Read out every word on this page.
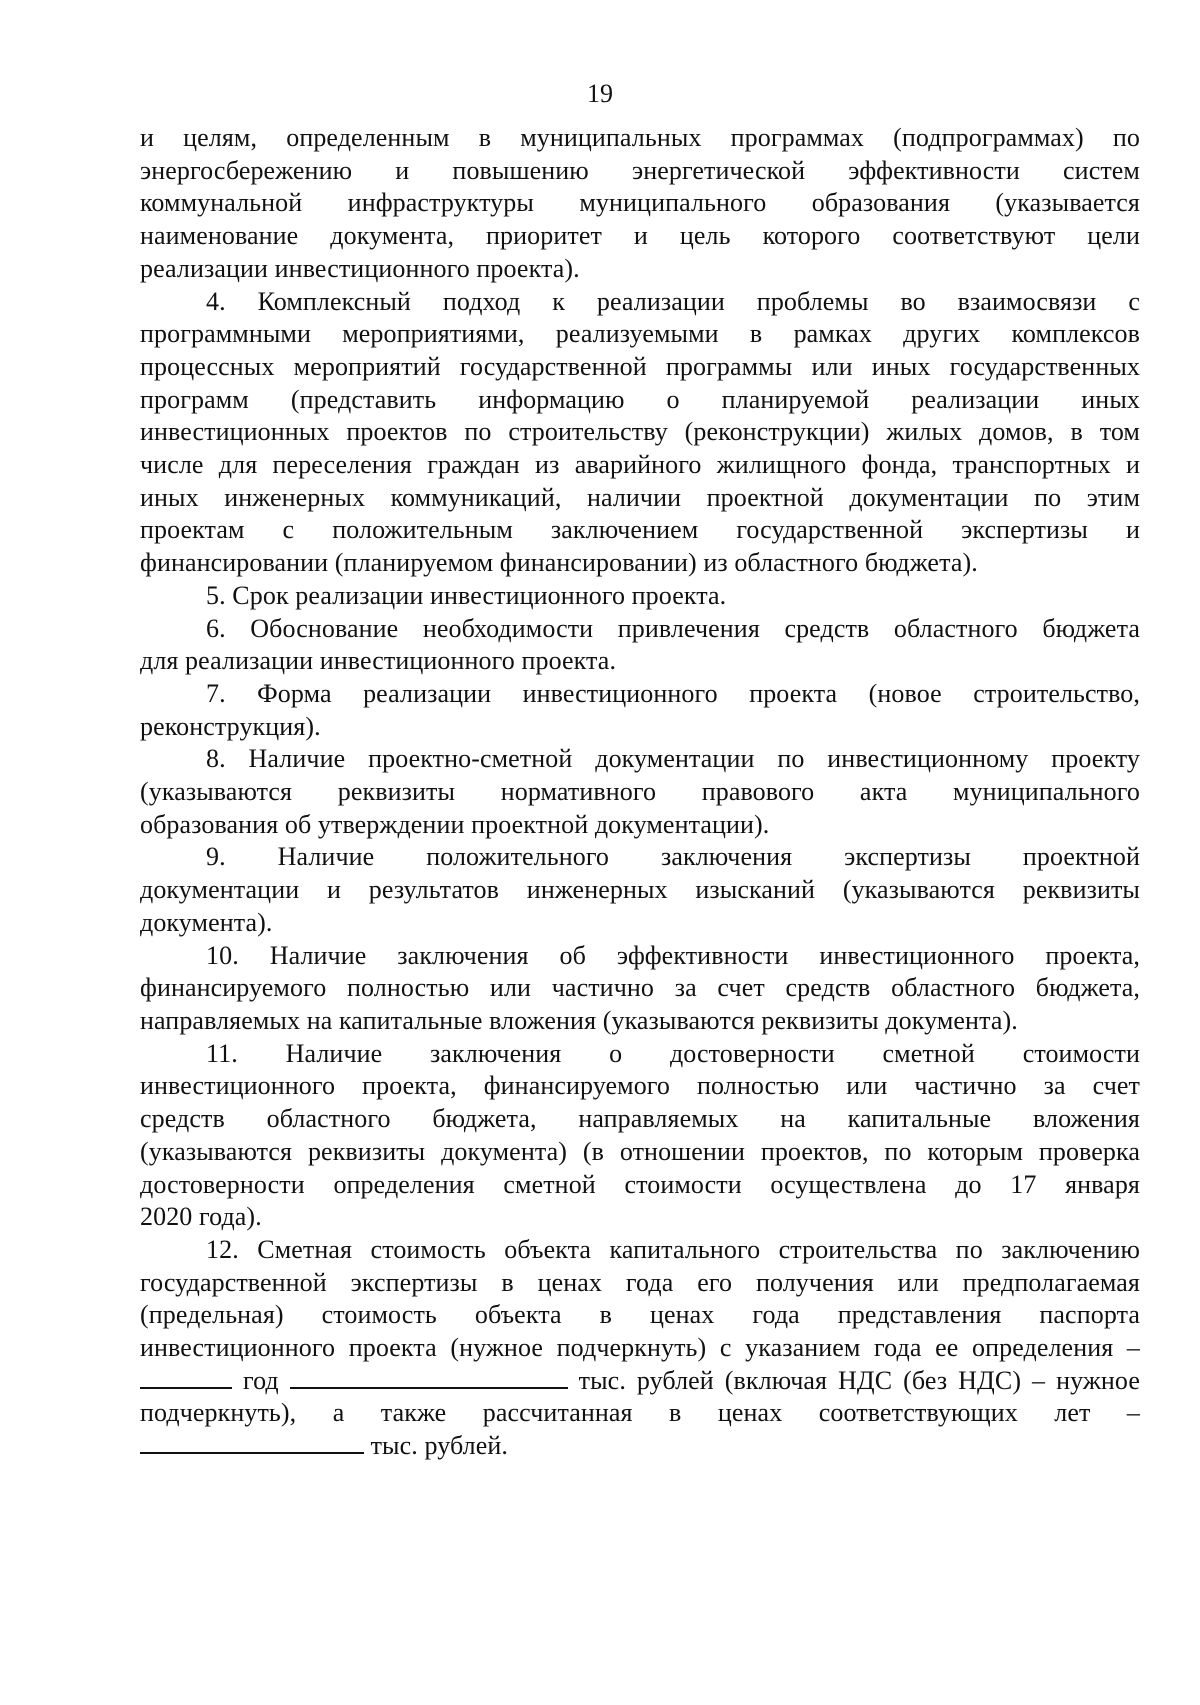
19
и целям, определенным в муниципальных программах (подпрограммах) по
энергосбережению и повышению энергетической эффективности систем
коммунальной инфраструктуры муниципального образования (указывается
наименование документа, приоритет и цель которого соответствуют цели
реализации инвестиционного проекта).
4. Комплексный подход к реализации проблемы во взаимосвязи с
программными мероприятиями, реализуемыми в рамках других комплексов
процессных мероприятий государственной программы или иных государственных
программ (представить информацию о планируемой реализации иных
инвестиционных проектов по строительству (реконструкции) жилых домов, в том
числе для переселения граждан из аварийного жилищного фонда, транспортных и
иных инженерных коммуникаций, наличии проектной документации по этим
проектам с положительным заключением государственной экспертизы и
финансировании (планируемом финансировании) из областного бюджета).
5. Срок реализации инвестиционного проекта.
6. Обоснование необходимости привлечения средств областного бюджета
для реализации инвестиционного проекта.
7. Форма реализации инвестиционного проекта (новое строительство,
реконструкция).
8. Наличие проектно-сметной документации по инвестиционному проекту
(указываются реквизиты нормативного правового акта муниципального
образования об утверждении проектной документации).
9. Наличие положительного заключения экспертизы проектной
документации и результатов инженерных изысканий (указываются реквизиты
документа).
10. Наличие заключения об эффективности инвестиционного проекта,
финансируемого полностью или частично за счет средств областного бюджета,
направляемых на капитальные вложения (указываются реквизиты документа).
11. Наличие заключения о достоверности сметной стоимости
инвестиционного проекта, финансируемого полностью или частично за счет
средств областного бюджета, направляемых на капитальные вложения
(указываются реквизиты документа) (в отношении проектов, по которым проверка
достоверности определения сметной стоимости осуществлена до 17 января
2020 года).
12. Сметная стоимость объекта капитального строительства по заключению
государственной экспертизы в ценах года его получения или предполагаемая
(предельная) стоимость объекта в ценах года представления паспорта
инвестиционного проекта (нужное подчеркнуть) с указанием года ее определения –
год	тыс. рублей (включая НДС (без НДС) – нужное
подчеркнуть), а также рассчитанная в ценах соответствующих лет –
тыс. рублей.
